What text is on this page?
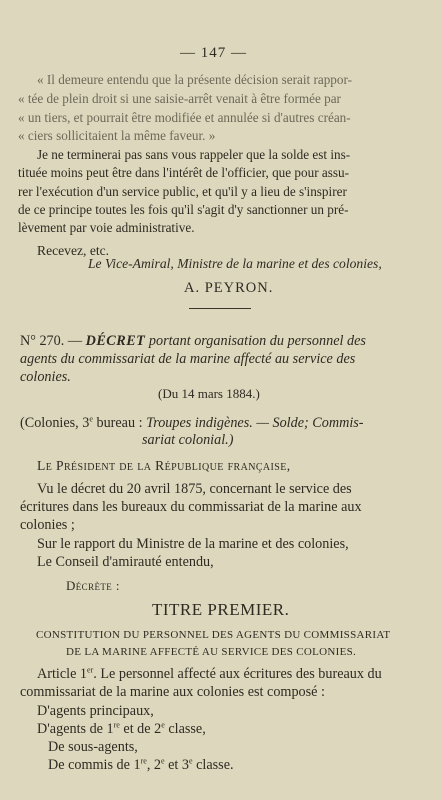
— 147 —
« Il demeure entendu que la présente décision serait rappor-
« tée de plein droit si une saisie-arrêt venait à être formée par
« un tiers, et pourrait être modifiée et annulée si d'autres créan-
« ciers sollicitaient la même faveur. »
Je ne terminerai pas sans vous rappeler que la solde est ins-
tituée moins peut être dans l'intérêt de l'officier, que pour assu-
rer l'exécution d'un service public, et qu'il y a lieu de s'inspirer
de ce principe toutes les fois qu'il s'agit d'y sanctionner un pré-
lèvement par voie administrative.
Recevez, etc.
Le Vice-Amiral, Ministre de la marine et des colonies,
A. PEYRON.
N° 270. — DÉCRET portant organisation du personnel des
agents du commissariat de la marine affecté au service des
colonies.
(Du 14 mars 1884.)
(Colonies, 3e bureau : Troupes indigènes. — Solde; Commis-
sariat colonial.)
Le Président de la République française,
Vu le décret du 20 avril 1875, concernant le service des
écritures dans les bureaux du commissariat de la marine aux
colonies ;
Sur le rapport du Ministre de la marine et des colonies,
Le Conseil d'amirauté entendu,
Décrète :
TITRE PREMIER.
CONSTITUTION DU PERSONNEL DES AGENTS DU COMMISSARIAT
DE LA MARINE AFFECTÉ AU SERVICE DES COLONIES.
Article 1er. Le personnel affecté aux écritures des bureaux du
commissariat de la marine aux colonies est composé :
D'agents principaux,
D'agents de 1re et de 2e classe,
De sous-agents,
De commis de 1re, 2e et 3e classe.
